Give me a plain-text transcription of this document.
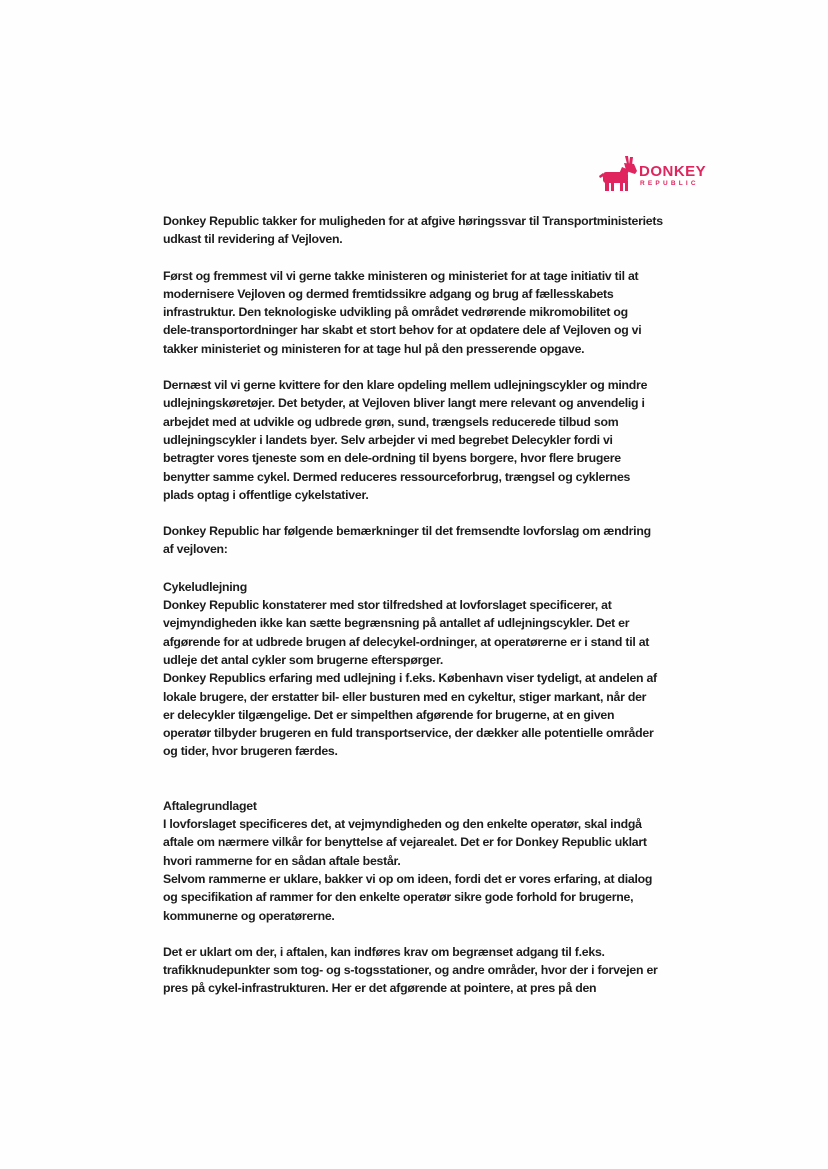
DONKEY
REPUBLIC
Donkey Republic takker for muligheden for at afgive høringssvar til Transportministeriets
udkast til revidering af Vejloven.
Først og fremmest vil vi gerne takke ministeren og ministeriet for at tage initiativ til at
modernisere Vejloven og dermed fremtidssikre adgang og brug af fællesskabets
infrastruktur. Den teknologiske udvikling på området vedrørende mikromobilitet og
dele-transportordninger har skabt et stort behov for at opdatere dele af Vejloven og vi
takker ministeriet og ministeren for at tage hul på den presserende opgave.
Dernæst vil vi gerne kvittere for den klare opdeling mellem udlejningscykler og mindre
udlejningskøretøjer. Det betyder, at Vejloven bliver langt mere relevant og anvendelig i
arbejdet med at udvikle og udbrede grøn, sund, trængsels reducerede tilbud som
udlejningscykler i landets byer. Selv arbejder vi med begrebet Delecykler fordi vi
betragter vores tjeneste som en dele-ordning til byens borgere, hvor flere brugere
benytter samme cykel. Dermed reduceres ressourceforbrug, trængsel og cyklernes
plads optag i offentlige cykelstativer.
Donkey Republic har følgende bemærkninger til det fremsendte lovforslag om ændring
af vejloven:
Cykeludlejning
Donkey Republic konstaterer med stor tilfredshed at lovforslaget specificerer, at
vejmyndigheden ikke kan sætte begrænsning på antallet af udlejningscykler. Det er
afgørende for at udbrede brugen af delecykel-ordninger, at operatørerne er i stand til at
udleje det antal cykler som brugerne efterspørger.
Donkey Republics erfaring med udlejning i f.eks. København viser tydeligt, at andelen af
lokale brugere, der erstatter bil- eller busturen med en cykeltur, stiger markant, når der
er delecykler tilgængelige. Det er simpelthen afgørende for brugerne, at en given
operatør tilbyder brugeren en fuld transportservice, der dækker alle potentielle områder
og tider, hvor brugeren færdes.
Aftalegrundlaget
I lovforslaget specificeres det, at vejmyndigheden og den enkelte operatør, skal indgå
aftale om nærmere vilkår for benyttelse af vejarealet. Det er for Donkey Republic uklart
hvori rammerne for en sådan aftale består.
Selvom rammerne er uklare, bakker vi op om ideen, fordi det er vores erfaring, at dialog
og specifikation af rammer for den enkelte operatør sikre gode forhold for brugerne,
kommunerne og operatørerne.
Det er uklart om der, i aftalen, kan indføres krav om begrænset adgang til f.eks.
trafikknudepunkter som tog- og s-togsstationer, og andre områder, hvor der i forvejen er
pres på cykel-infrastrukturen. Her er det afgørende at pointere, at pres på den
